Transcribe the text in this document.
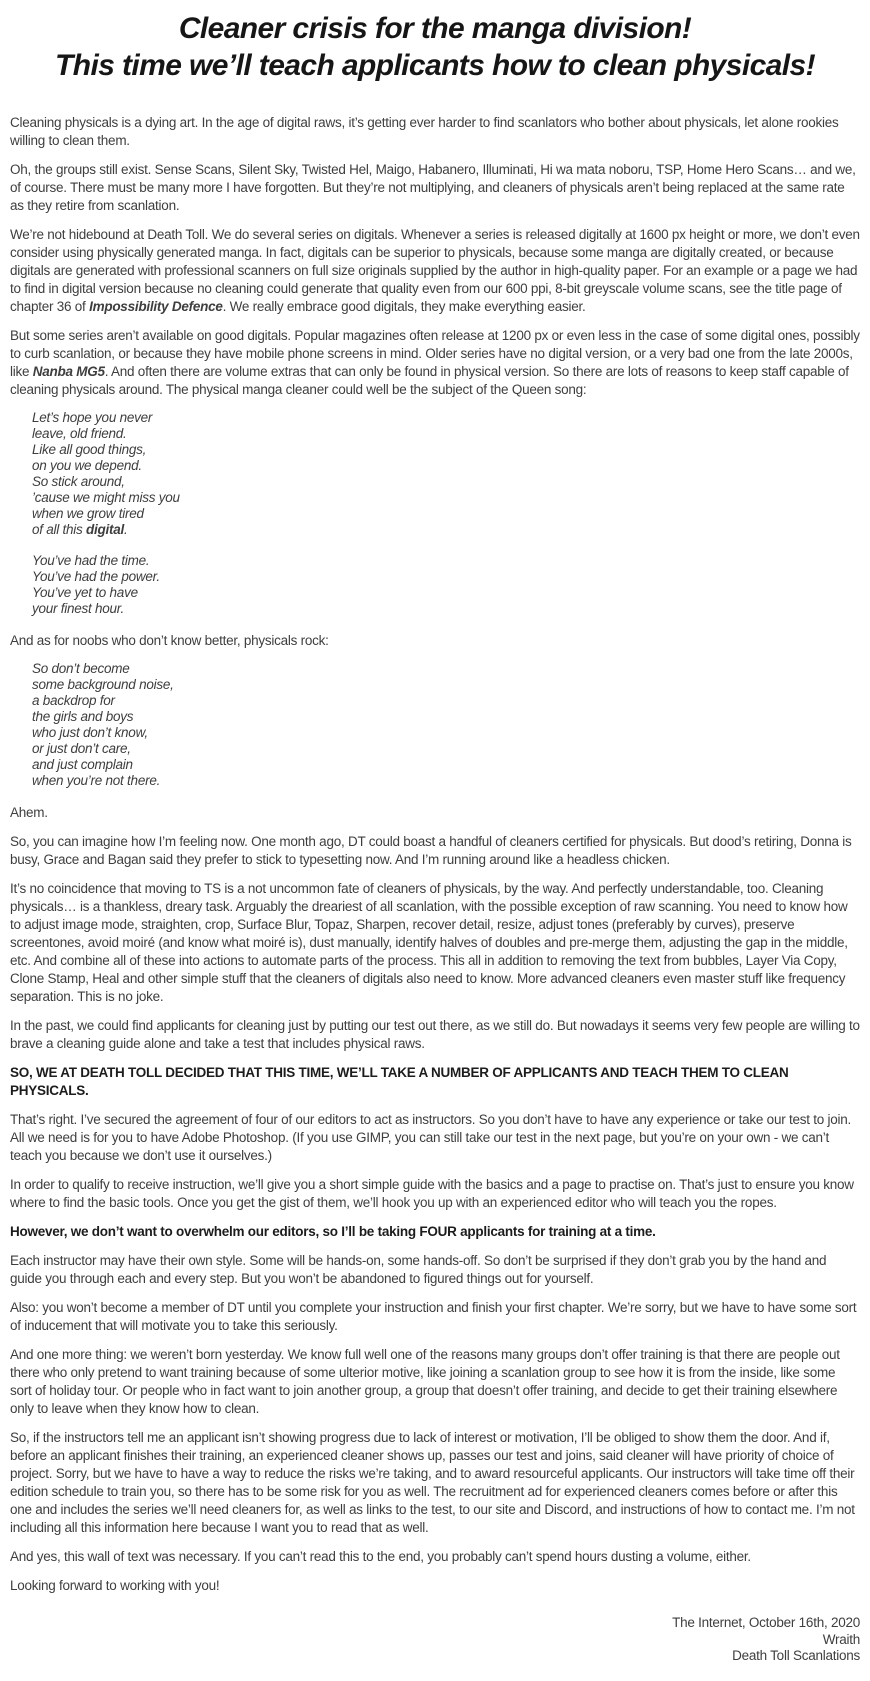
Cleaner crisis for the manga division!
This time we’ll teach applicants how to clean physicals!

Cleaning physicals is a dying art. In the age of digital raws, it’s getting ever harder to find scanlators who bother about physicals, let alone rookies willing to clean them.

Oh, the groups still exist. Sense Scans, Silent Sky, Twisted Hel, Maigo, Habanero, Illuminati, Hi wa mata noboru, TSP, Home Hero Scans… and we, of course. There must be many more I have forgotten. But they’re not multiplying, and cleaners of physicals aren’t being replaced at the same rate as they retire from scanlation.

We’re not hidebound at Death Toll. We do several series on digitals. Whenever a series is released digitally at 1600 px height or more, we don’t even consider using physically generated manga. In fact, digitals can be superior to physicals, because some manga are digitally created, or because digitals are generated with professional scanners on full size originals supplied by the author in high-quality paper. For an example or a page we had to find in digital version because no cleaning could generate that quality even from our 600 ppi, 8-bit greyscale volume scans, see the title page of chapter 36 of Impossibility Defence. We really embrace good digitals, they make everything easier.

But some series aren’t available on good digitals. Popular magazines often release at 1200 px or even less in the case of some digital ones, possibly to curb scanlation, or because they have mobile phone screens in mind. Older series have no digital version, or a very bad one from the late 2000s, like Nanba MG5. And often there are volume extras that can only be found in physical version. So there are lots of reasons to keep staff capable of cleaning physicals around. The physical manga cleaner could well be the subject of the Queen song:

Let’s hope you never
leave, old friend.
Like all good things,
on you we depend.
So stick around,
’cause we might miss you
when we grow tired
of all this digital.
You’ve had the time.
You’ve had the power.
You’ve yet to have
your finest hour.

And as for noobs who don’t know better, physicals rock:

So don’t become
some background noise,
a backdrop for
the girls and boys
who just don’t know,
or just don’t care,
and just complain
when you’re not there.

Ahem.

So, you can imagine how I’m feeling now. One month ago, DT could boast a handful of cleaners certified for physicals. But dood’s retiring, Donna is busy, Grace and Bagan said they prefer to stick to typesetting now. And I’m running around like a headless chicken.

It’s no coincidence that moving to TS is a not uncommon fate of cleaners of physicals, by the way. And perfectly understandable, too. Cleaning physicals… is a thankless, dreary task. Arguably the dreariest of all scanlation, with the possible exception of raw scanning. You need to know how to adjust image mode, straighten, crop, Surface Blur, Topaz, Sharpen, recover detail, resize, adjust tones (preferably by curves), preserve screentones, avoid moiré (and know what moiré is), dust manually, identify halves of doubles and pre-merge them, adjusting the gap in the middle, etc. And combine all of these into actions to automate parts of the process. This all in addition to removing the text from bubbles, Layer Via Copy, Clone Stamp, Heal and other simple stuff that the cleaners of digitals also need to know. More advanced cleaners even master stuff like frequency separation. This is no joke.

In the past, we could find applicants for cleaning just by putting our test out there, as we still do. But nowadays it seems very few people are willing to brave a cleaning guide alone and take a test that includes physical raws.

SO, WE AT DEATH TOLL DECIDED THAT THIS TIME, WE’LL TAKE A NUMBER OF APPLICANTS AND TEACH THEM TO CLEAN PHYSICALS.

That’s right. I’ve secured the agreement of four of our editors to act as instructors. So you don’t have to have any experience or take our test to join. All we need is for you to have Adobe Photoshop. (If you use GIMP, you can still take our test in the next page, but you’re on your own - we can’t teach you because we don’t use it ourselves.)

In order to qualify to receive instruction, we’ll give you a short simple guide with the basics and a page to practise on. That’s just to ensure you know where to find the basic tools. Once you get the gist of them, we’ll hook you up with an experienced editor who will teach you the ropes.

However, we don’t want to overwhelm our editors, so I’ll be taking FOUR applicants for training at a time.

Each instructor may have their own style. Some will be hands-on, some hands-off. So don’t be surprised if they don’t grab you by the hand and guide you through each and every step. But you won’t be abandoned to figured things out for yourself.

Also: you won’t become a member of DT until you complete your instruction and finish your first chapter. We’re sorry, but we have to have some sort of inducement that will motivate you to take this seriously.

And one more thing: we weren’t born yesterday. We know full well one of the reasons many groups don’t offer training is that there are people out there who only pretend to want training because of some ulterior motive, like joining a scanlation group to see how it is from the inside, like some sort of holiday tour. Or people who in fact want to join another group, a group that doesn’t offer training, and decide to get their training elsewhere only to leave when they know how to clean.

So, if the instructors tell me an applicant isn’t showing progress due to lack of interest or motivation, I’ll be obliged to show them the door. And if, before an applicant finishes their training, an experienced cleaner shows up, passes our test and joins, said cleaner will have priority of choice of project. Sorry, but we have to have a way to reduce the risks we’re taking, and to award resourceful applicants. Our instructors will take time off their edition schedule to train you, so there has to be some risk for you as well. The recruitment ad for experienced cleaners comes before or after this one and includes the series we’ll need cleaners for, as well as links to the test, to our site and Discord, and instructions of how to contact me. I’m not including all this information here because I want you to read that as well.

And yes, this wall of text was necessary. If you can’t read this to the end, you probably can’t spend hours dusting a volume, either.

Looking forward to working with you!

The Internet, October 16th, 2020
Wraith
Death Toll Scanlations
